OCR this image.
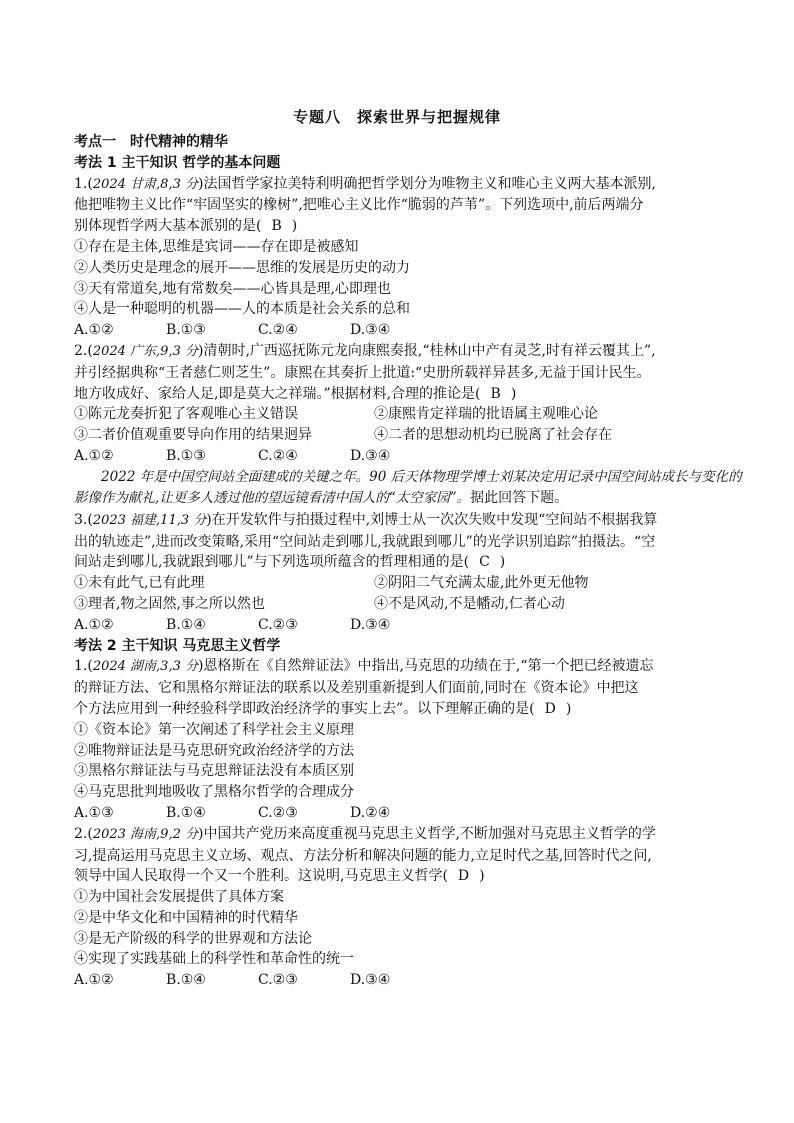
专题八　探索世界与把握规律
考点一　时代精神的精华
考法 1 主干知识 哲学的基本问题
1.(2024 甘肃,8,3 分)法国哲学家拉美特利明确把哲学划分为唯物主义和唯心主义两大基本派别,
他把唯物主义比作“牢固坚实的橡树”,把唯心主义比作“脆弱的芦苇”。下列选项中,前后两端分
别体现哲学两大基本派别的是( B )
①存在是主体,思维是宾词——存在即是被感知
②人类历史是理念的展开——思维的发展是历史的动力
③天有常道矣,地有常数矣——心皆具是理,心即理也
④人是一种聪明的机器——人的本质是社会关系的总和
A.①②	B.①③	C.②④	D.③④
2.(2024 广东,9,3 分)清朝时,广西巡抚陈元龙向康熙奏报,“桂林山中产有灵芝,时有祥云覆其上”,
并引经据典称“王者慈仁则芝生”。康熙在其奏折上批道:“史册所载祥异甚多,无益于国计民生。
地方收成好、家给人足,即是莫大之祥瑞。”根据材料,合理的推论是( B )
①陈元龙奏折犯了客观唯心主义错误	②康熙肯定祥瑞的批语属主观唯心论
③二者价值观重要导向作用的结果迥异	④二者的思想动机均已脱离了社会存在
A.①②	B.①③	C.②④	D.③④
2022 年是中国空间站全面建成的关键之年。90 后天体物理学博士刘某决定用记录中国空间站成长与变化的影像作为献礼,让更多人透过他的望远镜看清中国人的“太空家园”。据此回答下题。
3.(2023 福建,11,3 分)在开发软件与拍摄过程中,刘博士从一次次失败中发现“空间站不根据我算
出的轨迹走”,进而改变策略,采用“空间站走到哪儿,我就跟到哪儿”的光学识别追踪”拍摄法。“空
间站走到哪儿,我就跟到哪儿”与下列选项所蕴含的哲理相通的是( C )
①未有此气,已有此理	②阴阳二气充满太虚,此外更无他物
③理者,物之固然,事之所以然也	④不是风动,不是幡动,仁者心动
A.①②	B.①④	C.②③	D.③④
考法 2 主干知识 马克思主义哲学
1.(2024 湖南,3,3 分)恩格斯在《自然辩证法》中指出,马克思的功绩在于,“第一个把已经被遗忘
的辩证方法、它和黑格尔辩证法的联系以及差别重新提到人们面前,同时在《资本论》中把这
个方法应用到一种经验科学即政治经济学的事实上去”。以下理解正确的是( D )
①《资本论》第一次阐述了科学社会主义原理
②唯物辩证法是马克思研究政治经济学的方法
③黑格尔辩证法与马克思辩证法没有本质区别
④马克思批判地吸收了黑格尔哲学的合理成分
A.①③	B.①④	C.②③	D.②④
2.(2023 海南,9,2 分)中国共产党历来高度重视马克思主义哲学,不断加强对马克思主义哲学的学
习,提高运用马克思主义立场、观点、方法分析和解决问题的能力,立足时代之基,回答时代之问,
领导中国人民取得一个又一个胜利。这说明,马克思主义哲学( D )
①为中国社会发展提供了具体方案
②是中华文化和中国精神的时代精华
③是无产阶级的科学的世界观和方法论
④实现了实践基础上的科学性和革命性的统一
A.①②	B.①④	C.②③	D.③④
